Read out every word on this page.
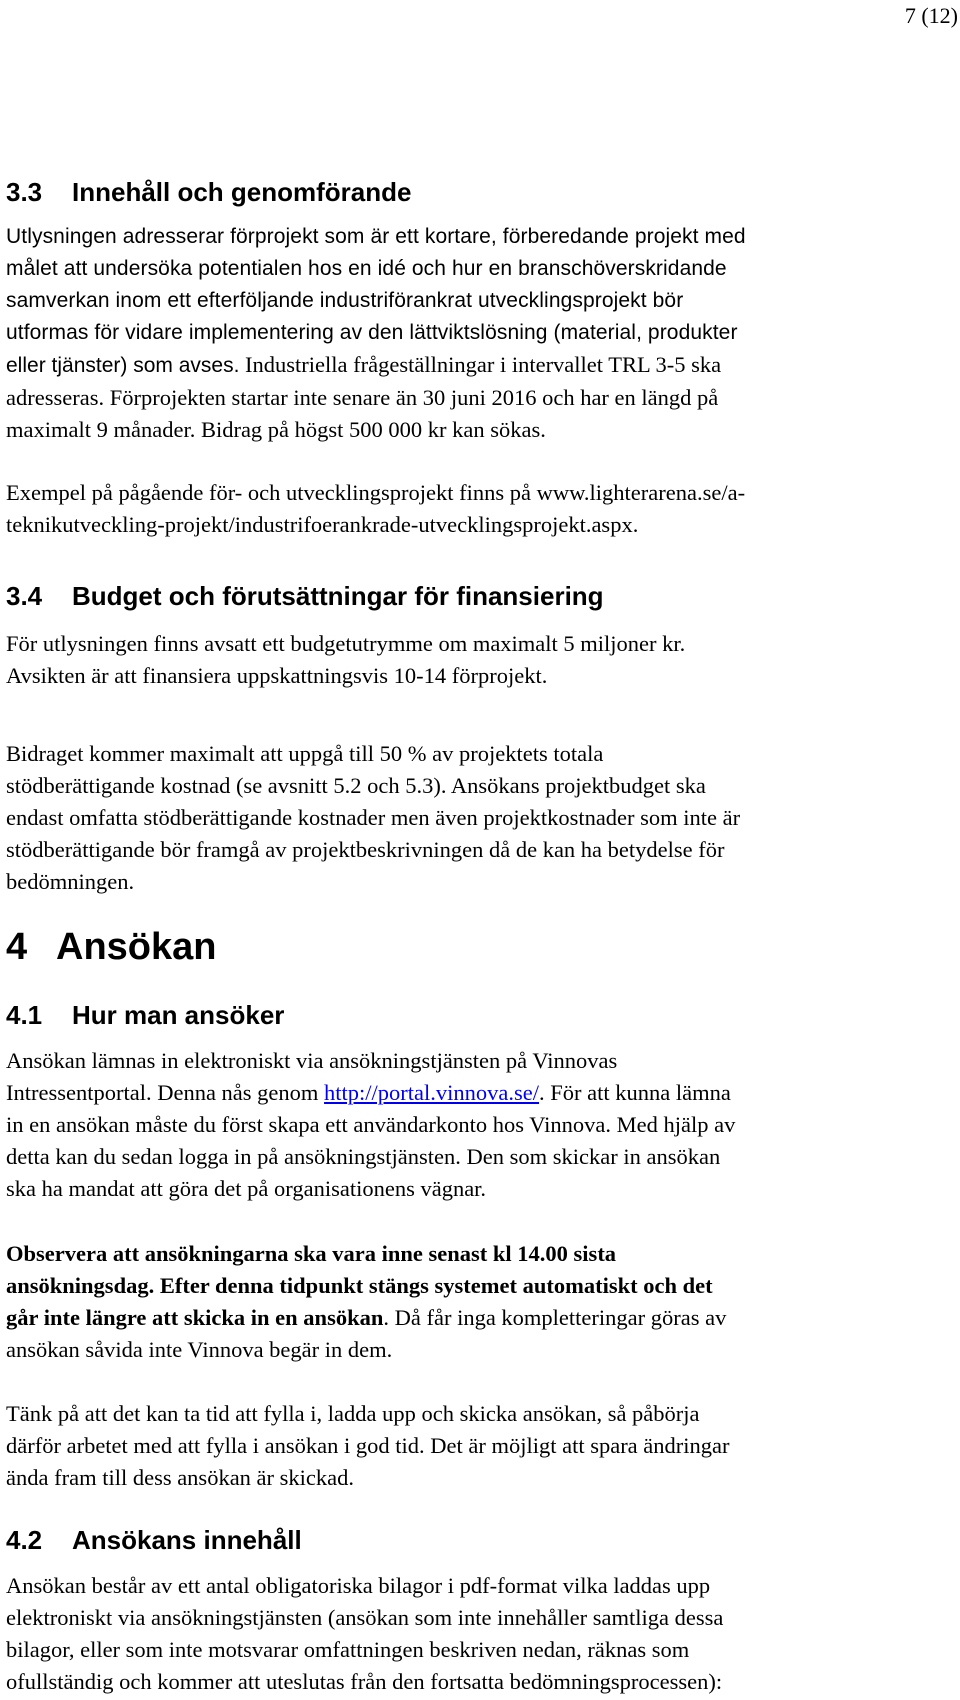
7 (12)
3.3 Innehåll och genomförande

Utlysningen adresserar förprojekt som är ett kortare, förberedande projekt med
målet att undersöka potentialen hos en idé och hur en branschöverskridande
samverkan inom ett efterföljande industriförankrat utvecklingsprojekt bör
utformas för vidare implementering av den lättviktslösning (material, produkter

eller tjänster) som avses. Industriella frågeställningar i intervallet TRL 3-5 ska
adresseras. Förprojekten startar inte senare än 30 juni 2016 och har en längd på
maximalt 9 månader. Bidrag på högst 500 000 kr kan sökas.

Exempel på pågående för- och utvecklingsprojekt finns på www.lighterarena.se/a-
teknikutveckling-projekt/industrifoerankrade-utvecklingsprojekt.aspx.

3.4 Budget och förutsättningar för finansiering

För utlysningen finns avsatt ett budgetutrymme om maximalt 5 miljoner kr.
Avsikten är att finansiera uppskattningsvis 10-14 förprojekt.

Bidraget kommer maximalt att uppgå till 50 % av projektets totala
stödberättigande kostnad (se avsnitt 5.2 och 5.3). Ansökans projektbudget ska
endast omfatta stödberättigande kostnader men även projektkostnader som inte är
stödberättigande bör framgå av projektbeskrivningen då de kan ha betydelse för
bedömningen.

4 Ansökan
4.1 Hur man ansöker

Ansökan lämnas in elektroniskt via ansökningstjänsten på Vinnovas
Intressentportal. Denna nås genom http://portal.vinnova.se/. För att kunna lämna
in en ansökan måste du först skapa ett användarkonto hos Vinnova. Med hjälp av
detta kan du sedan logga in på ansökningstjänsten. Den som skickar in ansökan
ska ha mandat att göra det på organisationens vägnar.

Observera att ansökningarna ska vara inne senast kl 14.00 sista
ansökningsdag. Efter denna tidpunkt stängs systemet automatiskt och det
går inte längre att skicka in en ansökan. Då får inga kompletteringar göras av
ansökan såvida inte Vinnova begär in dem.

Tänk på att det kan ta tid att fylla i, ladda upp och skicka ansökan, så påbörja
därför arbetet med att fylla i ansökan i god tid. Det är möjligt att spara ändringar
ända fram till dess ansökan är skickad.

4.2 Ansökans innehåll

Ansökan består av ett antal obligatoriska bilagor i pdf-format vilka laddas upp
elektroniskt via ansökningstjänsten (ansökan som inte innehåller samtliga dessa
bilagor, eller som inte motsvarar omfattningen beskriven nedan, räknas som
ofullständig och kommer att uteslutas från den fortsatta bedömningsprocessen):
